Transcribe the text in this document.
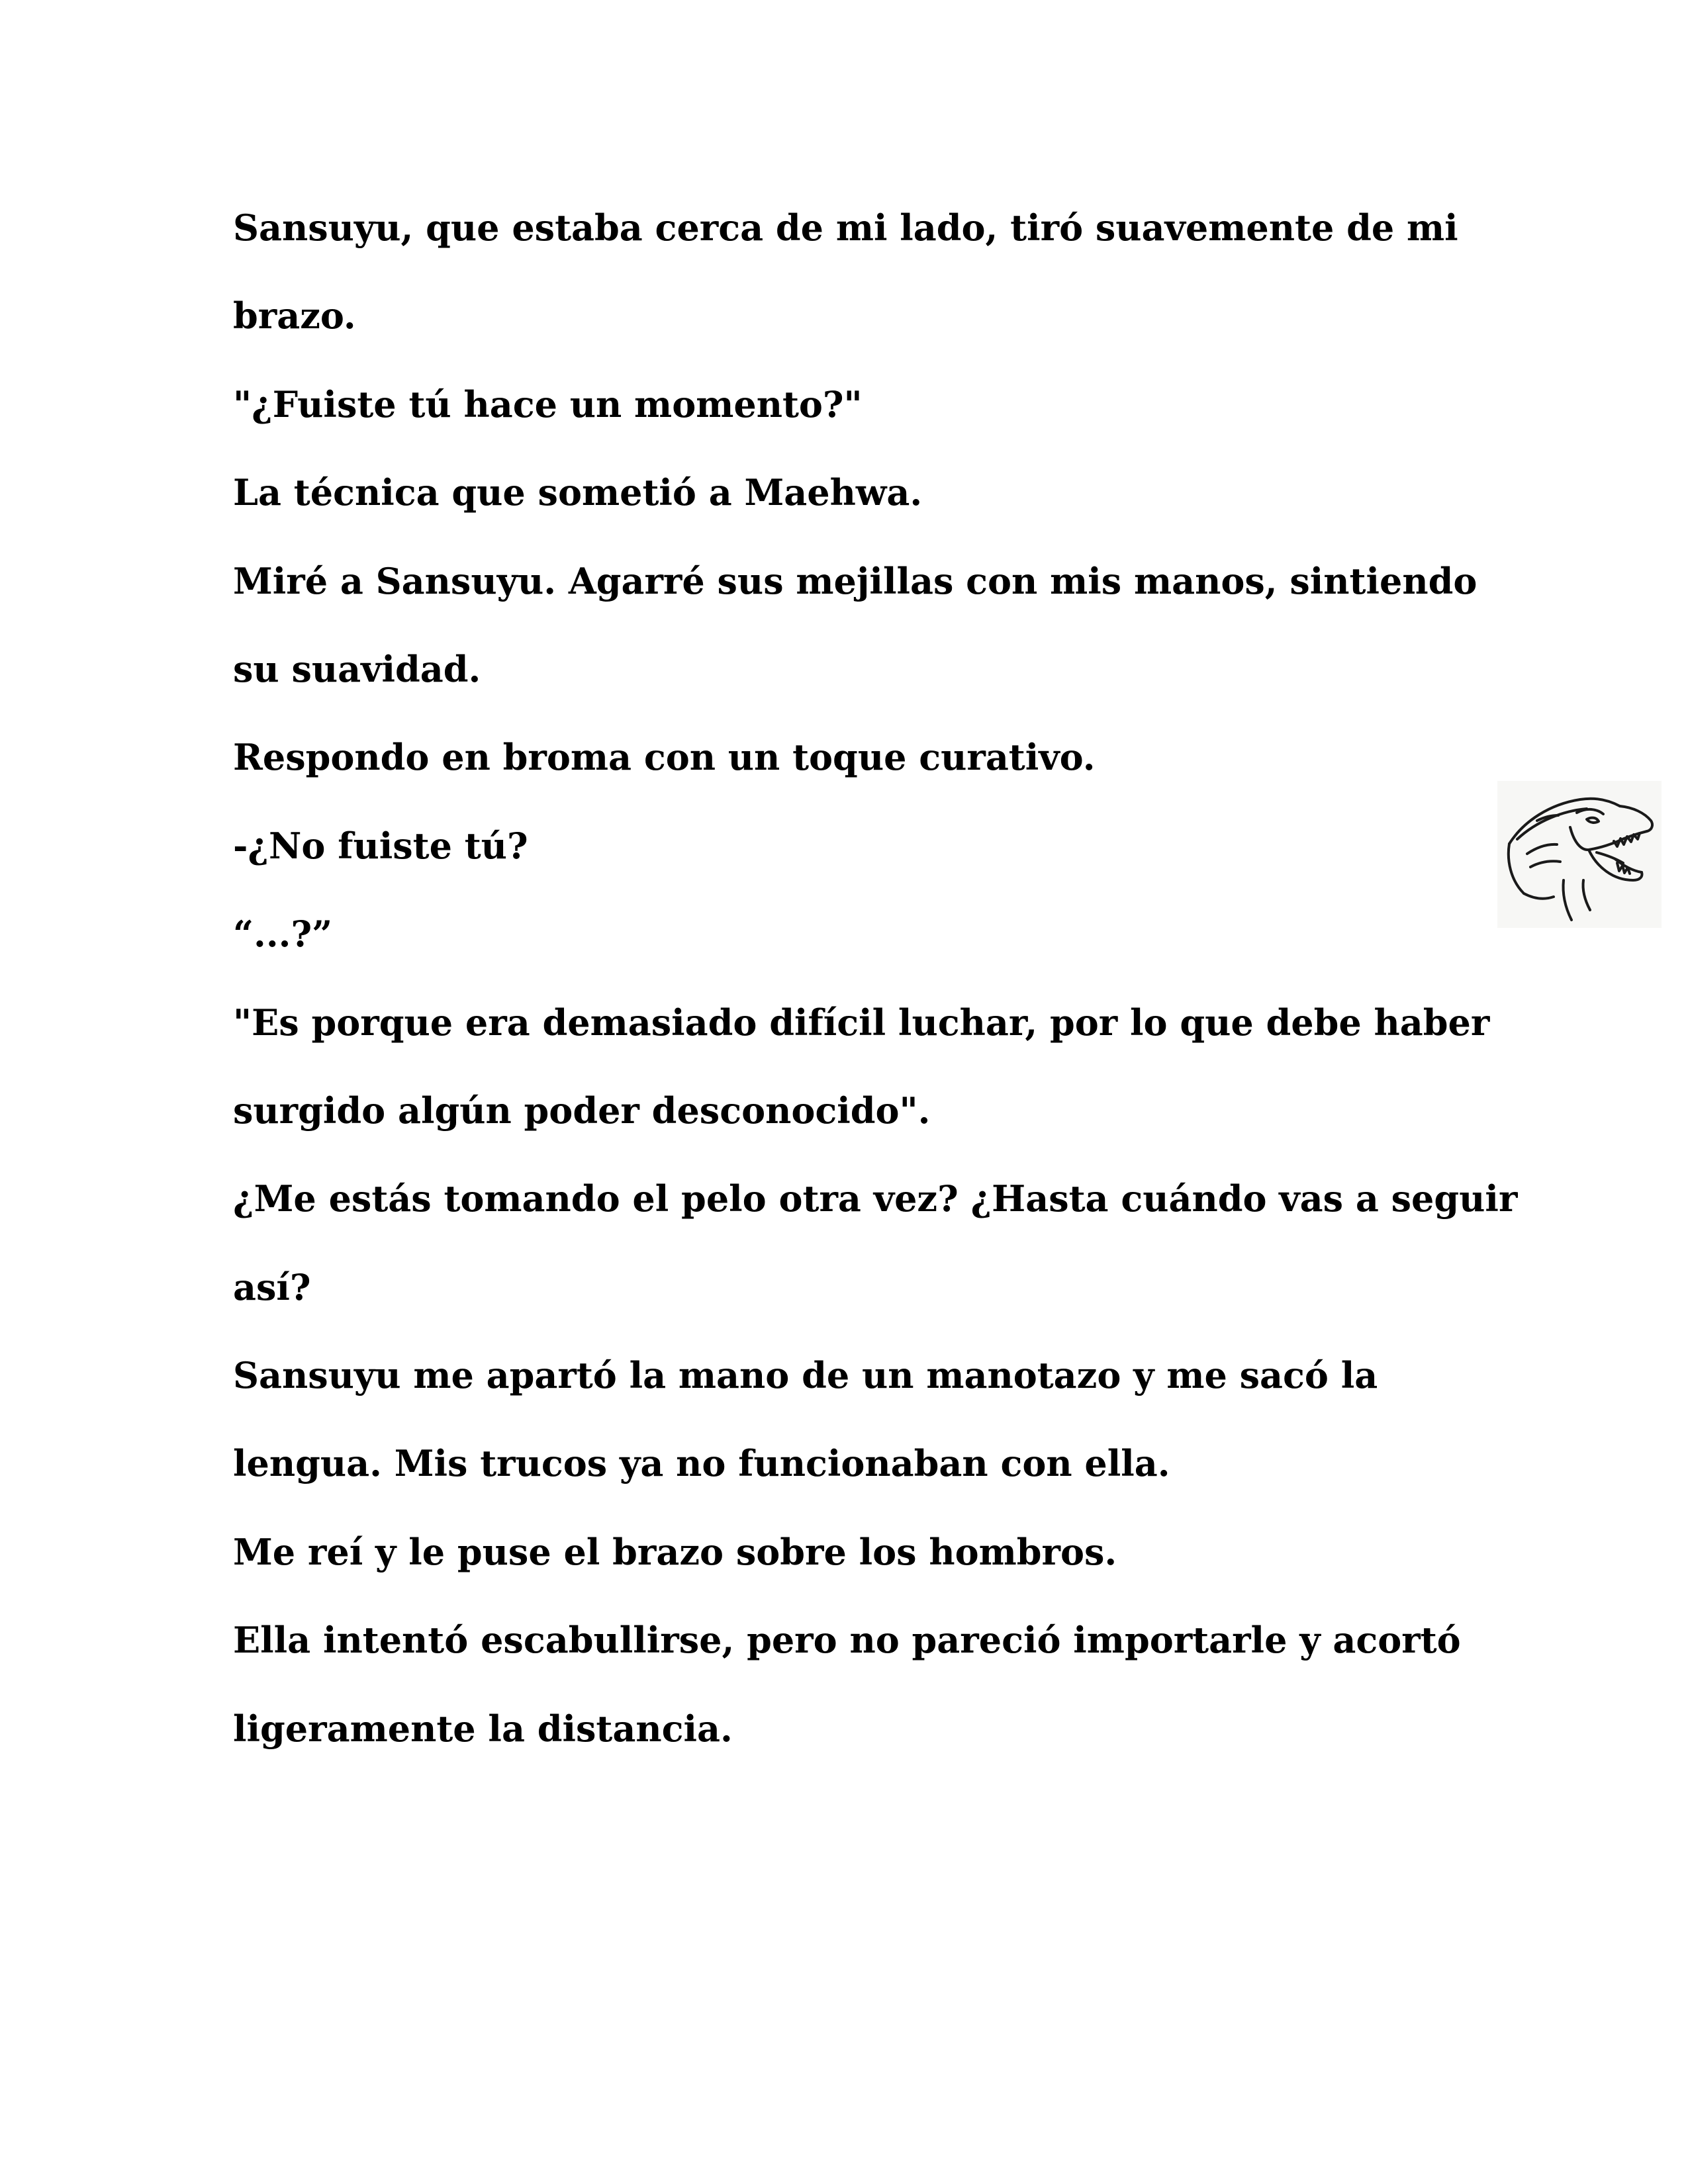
Sansuyu, que estaba cerca de mi lado, tiró suavemente de mi
brazo.
"¿Fuiste tú hace un momento?"
La técnica que sometió a Maehwa.
Miré a Sansuyu. Agarré sus mejillas con mis manos, sintiendo
su suavidad.
Respondo en broma con un toque curativo.
-¿No fuiste tú?
“...?”
"Es porque era demasiado difícil luchar, por lo que debe haber
surgido algún poder desconocido".
¿Me estás tomando el pelo otra vez? ¿Hasta cuándo vas a seguir
así?
Sansuyu me apartó la mano de un manotazo y me sacó la
lengua. Mis trucos ya no funcionaban con ella.
Me reí y le puse el brazo sobre los hombros.
Ella intentó escabullirse, pero no pareció importarle y acortó
ligeramente la distancia.
